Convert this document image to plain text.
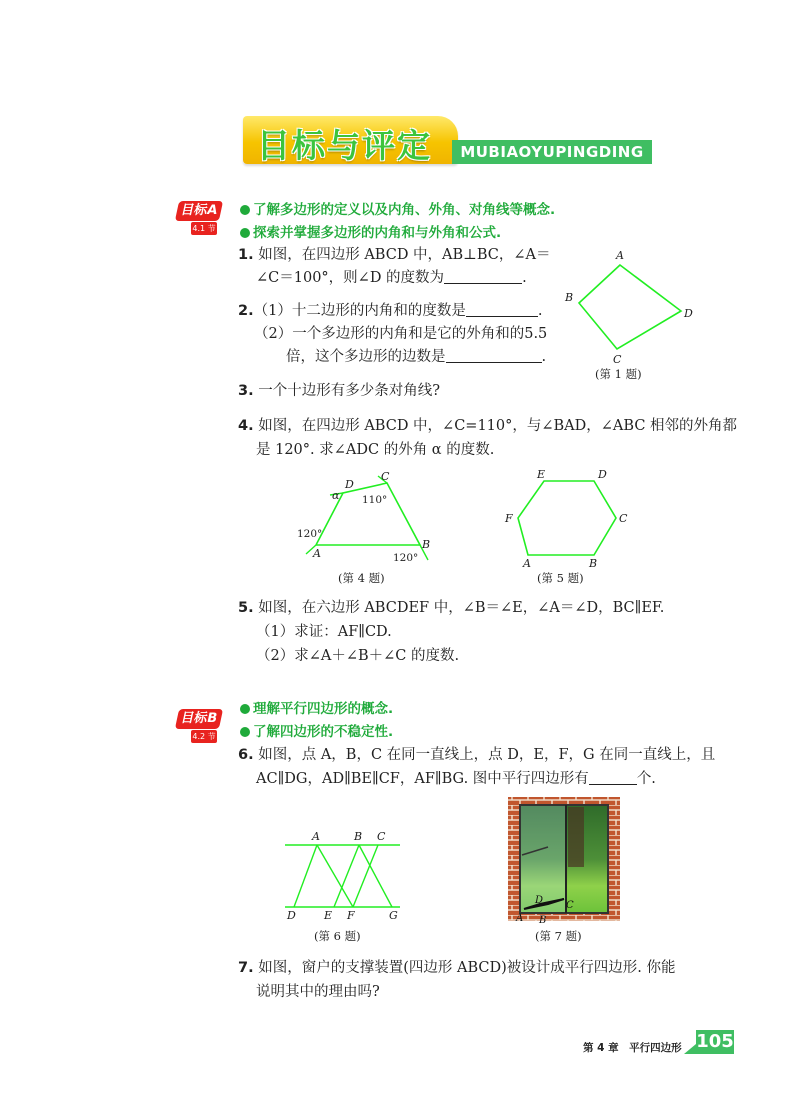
目标与评定	MUBIAOYUPINGDING
目标A
4.1 节
了解多边形的定义以及内角、外角、对角线等概念.
探索并掌握多边形的内角和与外角和公式.
1. 如图，在四边形 ABCD 中，AB⊥BC，∠A＝
∠C＝100°，则∠D 的度数为	.
2.（1）十二边形的内角和的度数是	.
（2）一个多边形的内角和是它的外角和的5.5
倍，这个多边形的边数是	.
A
B
C
D
(第 1 题)
3. 一个十边形有多少条对角线?
4. 如图，在四边形 ABCD 中，∠C=110°，与∠BAD，∠ABC 相邻的外角都
是 120°. 求∠ADC 的外角 α 的度数.
D
C
α 110°
120°
A	120°
B
(第 4 题)
E	D
F	C
A	B
(第 5 题)
5. 如图，在六边形 ABCDEF 中，∠B＝∠E，∠A＝∠D，BC∥EF.
（1）求证：AF∥CD.
（2）求∠A＋∠B＋∠C 的度数.
目标B
4.2 节
理解平行四边形的概念.
了解四边形的不稳定性.
6. 如图，点 A，B，C 在同一直线上，点 D，E，F，G 在同一直线上，且
AC∥DG，AD∥BE∥CF，AF∥BG. 图中平行四边形有	个.
A	B C
D	E F	G
(第 6 题)
D C
A B
(第 7 题)
7. 如图，窗户的支撑装置(四边形 ABCD)被设计成平行四边形. 你能
说明其中的理由吗?
第 4 章　平行四边形 105
